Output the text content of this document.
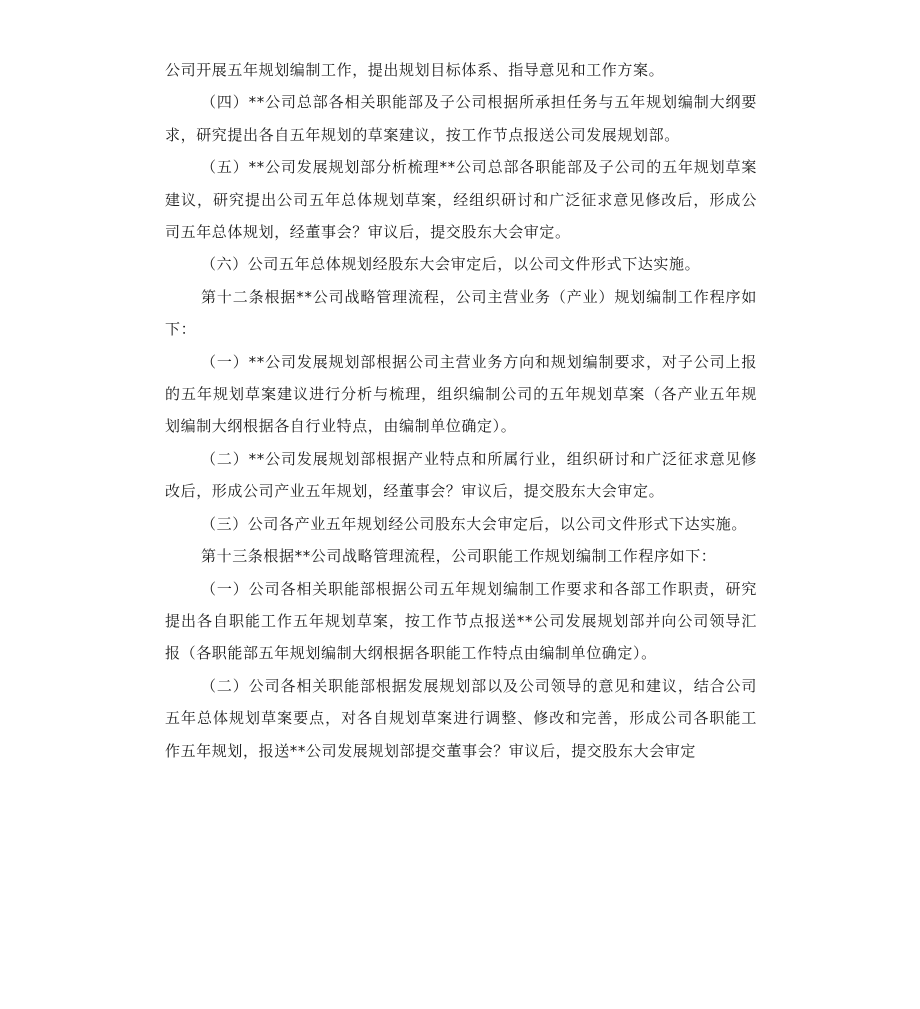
公司开展五年规划编制工作，提出规划目标体系、指导意见和工作方案。

（四）**公司总部各相关职能部及子公司根据所承担任务与五年规划编制大纲要求，研究提出各自五年规划的草案建议，按工作节点报送公司发展规划部。

（五）**公司发展规划部分析梳理**公司总部各职能部及子公司的五年规划草案建议，研究提出公司五年总体规划草案，经组织研讨和广泛征求意见修改后，形成公司五年总体规划，经董事会？审议后，提交股东大会审定。

（六）公司五年总体规划经股东大会审定后，以公司文件形式下达实施。

第十二条根据**公司战略管理流程，公司主营业务（产业）规划编制工作程序如下：

（一）**公司发展规划部根据公司主营业务方向和规划编制要求，对子公司上报的五年规划草案建议进行分析与梳理，组织编制公司的五年规划草案（各产业五年规划编制大纲根据各自行业特点，由编制单位确定）。

（二）**公司发展规划部根据产业特点和所属行业，组织研讨和广泛征求意见修改后，形成公司产业五年规划，经董事会？审议后，提交股东大会审定。

（三）公司各产业五年规划经公司股东大会审定后，以公司文件形式下达实施。

第十三条根据**公司战略管理流程，公司职能工作规划编制工作程序如下：

（一）公司各相关职能部根据公司五年规划编制工作要求和各部工作职责，研究提出各自职能工作五年规划草案，按工作节点报送**公司发展规划部并向公司领导汇报（各职能部五年规划编制大纲根据各职能工作特点由编制单位确定）。

（二）公司各相关职能部根据发展规划部以及公司领导的意见和建议，结合公司五年总体规划草案要点，对各自规划草案进行调整、修改和完善，形成公司各职能工作五年规划，报送**公司发展规划部提交董事会？审议后，提交股东大会审定
